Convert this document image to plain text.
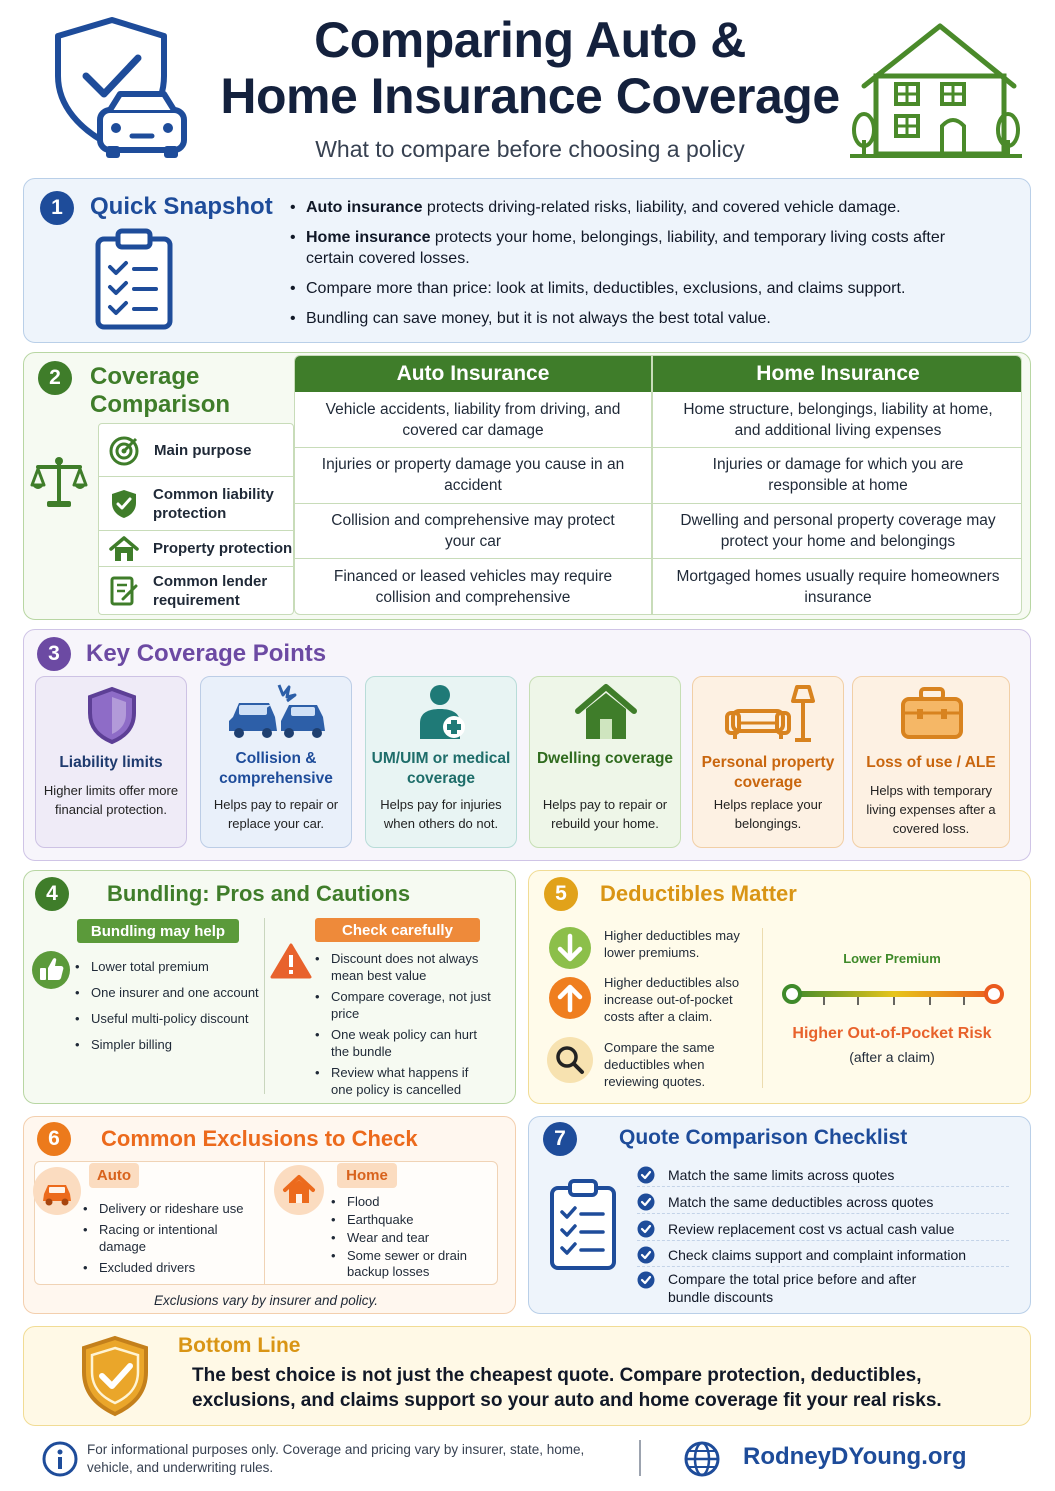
Comparing Auto &
Home Insurance Coverage
What to compare before choosing a policy
1	Quick Snapshot
•	Auto insurance protects driving-related risks, liability, and covered vehicle damage.
• Home insurance protects your home, belongings, liability, and temporary living costs after certain covered losses.
• Compare more than price: look at limits, deductibles, exclusions, and claims support.
• Bundling can save money, but it is not always the best total value.
2	Coverage
Comparison
Main purpose
Common liability protection
Property protection
Common lender requirement
Auto Insurance	Home Insurance
Vehicle accidents, liability from driving, and covered car damage
Home structure, belongings, liability at home, and additional living expenses
Injuries or property damage you cause in an accident
Injuries or damage for which you are responsible at home
Collision and comprehensive may protect your car
Dwelling and personal property coverage may protect your home and belongings
Financed or leased vehicles may require collision and comprehensive
Mortgaged homes usually require homeowners insurance
3	Key Coverage Points
Liability limits
Higher limits offer more financial protection.
Collision & comprehensive
Helps pay to repair or replace your car.
UM/UIM or medical coverage
Helps pay for injuries when others do not.
Dwelling coverage
Helps pay to repair or rebuild your home.
Personal property coverage
Helps replace your belongings.
Loss of use / ALE
Helps with temporary living expenses after a covered loss.
4	Bundling: Pros and Cautions
Bundling may help
• Lower total premium
• One insurer and one account
• Useful multi-policy discount
• Simpler billing
Check carefully
• Discount does not always mean best value
• Compare coverage, not just price
• One weak policy can hurt the bundle
• Review what happens if one policy is cancelled
5	Deductibles Matter
Higher deductibles may lower premiums.
Higher deductibles also increase out-of-pocket costs after a claim.
Compare the same deductibles when reviewing quotes.
Lower Premium
Higher Out-of-Pocket Risk
(after a claim)
6	Common Exclusions to Check
Auto
• Delivery or rideshare use
• Racing or intentional damage
• Excluded drivers
Home
• Flood
• Earthquake
• Wear and tear
• Some sewer or drain backup losses
Exclusions vary by insurer and policy.
7	Quote Comparison Checklist
Match the same limits across quotes
Match the same deductibles across quotes
Review replacement cost vs actual cash value
Check claims support and complaint information
Compare the total price before and after bundle discounts
Bottom Line
The best choice is not just the cheapest quote. Compare protection, deductibles, exclusions, and claims support so your auto and home coverage fit your real risks.
For informational purposes only. Coverage and pricing vary by insurer, state, home, vehicle, and underwriting rules.	RodneyDYoung.org
